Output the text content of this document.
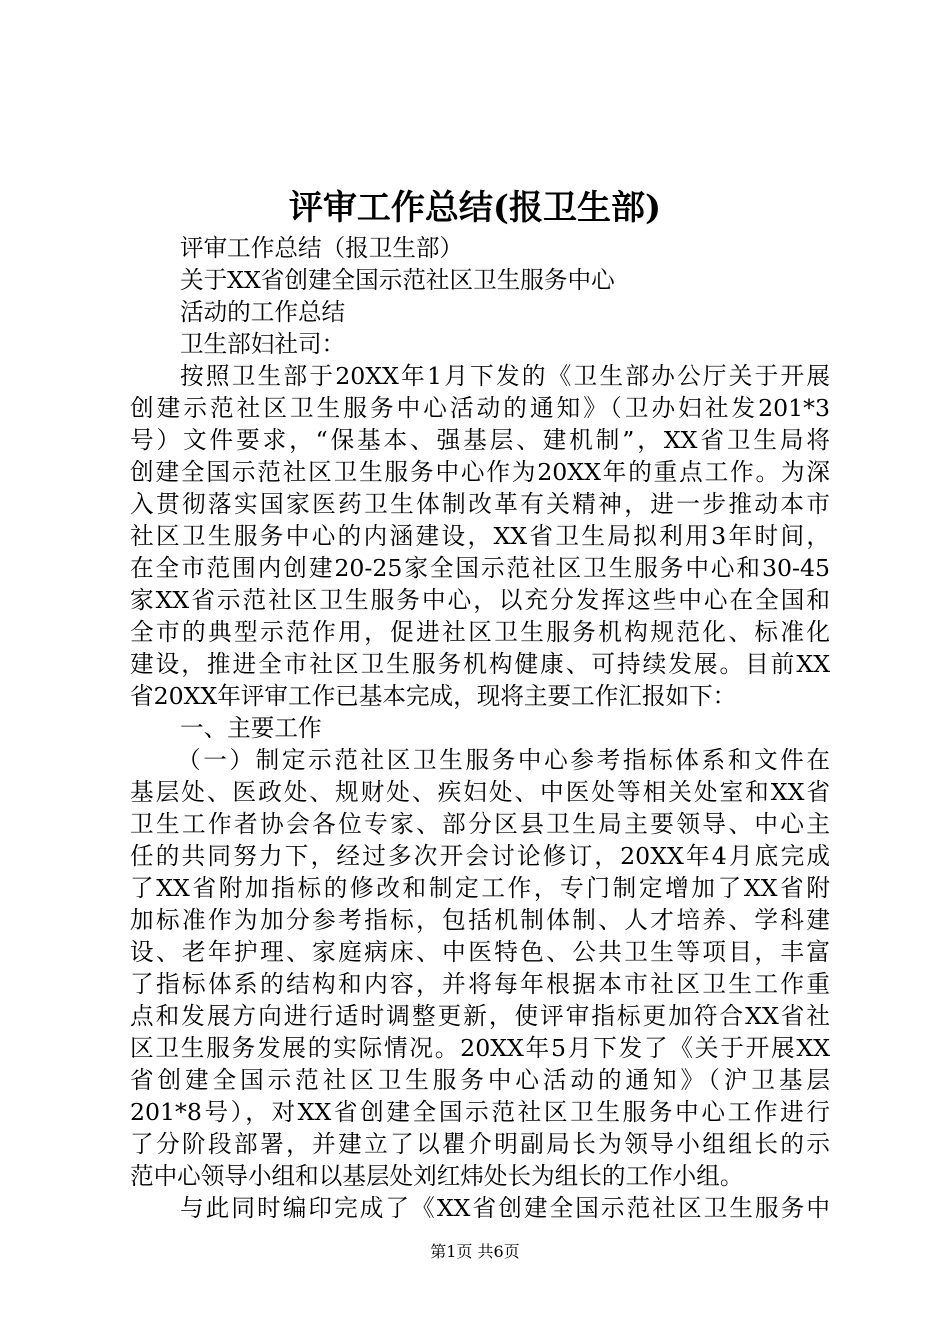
评审工作总结(报卫生部)
评审工作总结（报卫生部）
关于XX省创建全国示范社区卫生服务中心
活动的工作总结
卫生部妇社司：
按照卫生部于20XX年1月下发的《卫生部办公厅关于开展
创建示范社区卫生服务中心活动的通知》（卫办妇社发201*3
号）文件要求，“保基本、强基层、建机制”，XX省卫生局将
创建全国示范社区卫生服务中心作为20XX年的重点工作。为深
入贯彻落实国家医药卫生体制改革有关精神，进一步推动本市
社区卫生服务中心的内涵建设，XX省卫生局拟利用3年时间，
在全市范围内创建20-25家全国示范社区卫生服务中心和30-45
家XX省示范社区卫生服务中心，以充分发挥这些中心在全国和
全市的典型示范作用，促进社区卫生服务机构规范化、标准化
建设，推进全市社区卫生服务机构健康、可持续发展。目前XX
省20XX年评审工作已基本完成，现将主要工作汇报如下：
一、主要工作
（一）制定示范社区卫生服务中心参考指标体系和文件在
基层处、医政处、规财处、疾妇处、中医处等相关处室和XX省
卫生工作者协会各位专家、部分区县卫生局主要领导、中心主
任的共同努力下，经过多次开会讨论修订，20XX年4月底完成
了XX省附加指标的修改和制定工作，专门制定增加了XX省附
加标准作为加分参考指标，包括机制体制、人才培养、学科建
设、老年护理、家庭病床、中医特色、公共卫生等项目，丰富
了指标体系的结构和内容，并将每年根据本市社区卫生工作重
点和发展方向进行适时调整更新，使评审指标更加符合XX省社
区卫生服务发展的实际情况。20XX年5月下发了《关于开展XX
省创建全国示范社区卫生服务中心活动的通知》（沪卫基层
201*8号），对XX省创建全国示范社区卫生服务中心工作进行
了分阶段部署，并建立了以瞿介明副局长为领导小组组长的示
范中心领导小组和以基层处刘红炜处长为组长的工作小组。
与此同时编印完成了《XX省创建全国示范社区卫生服务中
第1页 共6页
